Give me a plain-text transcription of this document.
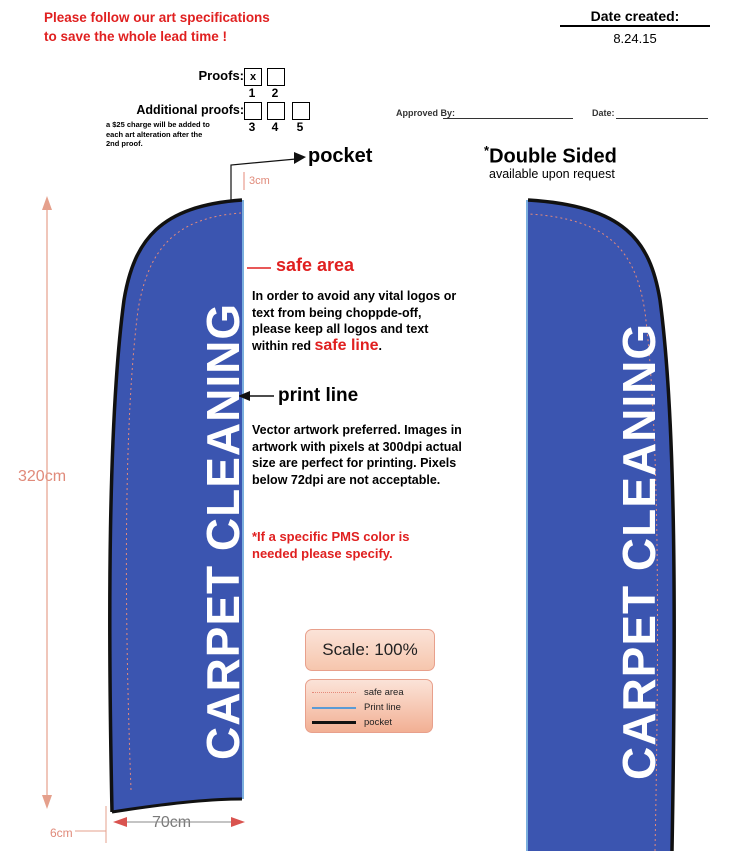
Please follow our art specifications
to save the whole lead time !
Date created:
8.24.15
Proofs: x
1	2
Additional proofs:
3	4	5
a $25 charge will be added to each art alteration after the 2nd proof.
Approved By:	Date:
pocket
3cm
*Double Sided
available upon request
safe area
In order to avoid any vital logos or text from being choppde-off, please keep all logos and text within red safe line.
print line
Vector artwork preferred. Images in artwork with pixels at 300dpi actual size are perfect for printing. Pixels below 72dpi are not acceptable.
*If a specific PMS color is needed please specify.
320cm
70cm
6cm
Scale: 100%
safe area
Print line
pocket
CARPET CLEANING	CARPET CLEANING
